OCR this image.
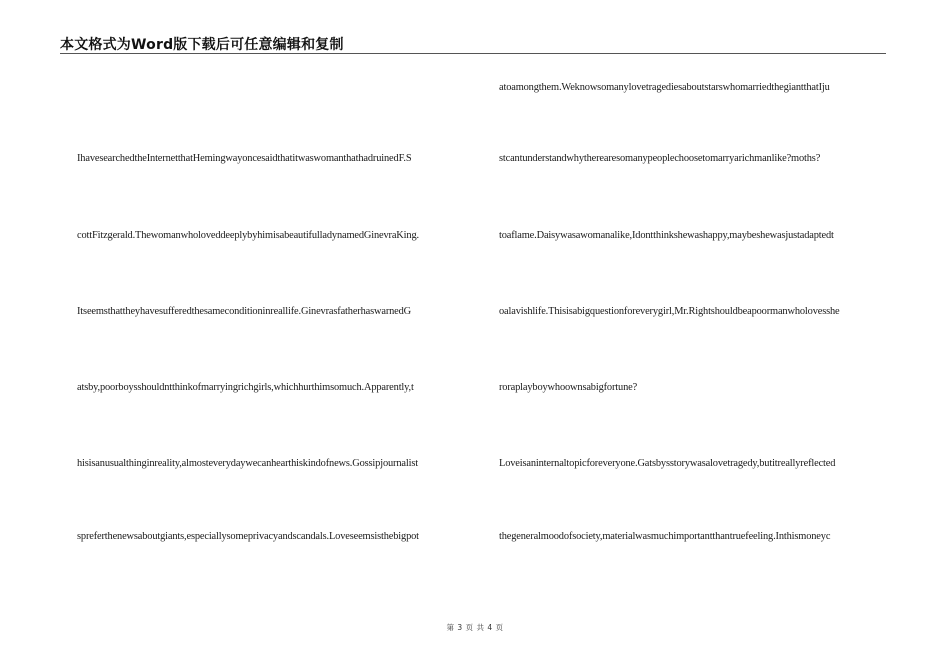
本文格式为Word版下载后可任意编辑和复制
IhavesearchedtheInternetthatHemingwayoncesaidthatitwaswomanthathadruinedF.S
cottFitzgerald.ThewomanwholoveddeeplybyhimisabeautifulladynamedGinevraKing.
Itseemsthattheyhavesufferedthesameconditioninreallife.GinevrasfatherhaswarnedG
atsby,poorboysshouldntthinkofmarryingrichgirls,whichhurthimsomuch.Apparently,t
hisisanusualthinginreality,almosteverydaywecanhearthiskindofnews.Gossipjournalist
spreferthenewsaboutgiants,especiallysomeprivacyandscandals.Loveseemsisthebigpot
atoamongthem.WeknowsomanylovetragediesaboutstarswhomarriedthegiantthatIju
stcantunderstandwhytherearesomanypeoplechoosetomarryarichmanlike?moths?
toaflame.Daisywasawomanalike,Idontthinkshewashappy,maybeshewasjustadaptedt
oalavishlife.Thisisabigquestionforeverygirl,Mr.Rightshouldbeapoormanwholovesshe
roraplayboywhoownsabigfortune?
Loveisaninternaltopicforeveryone.Gatsbysstorywasalovetragedy,butitreallyreflected
thegeneralmoodofsociety,materialwasmuchimportantthantruefeeling.Inthismoneyc
第 3 页 共 4 页
